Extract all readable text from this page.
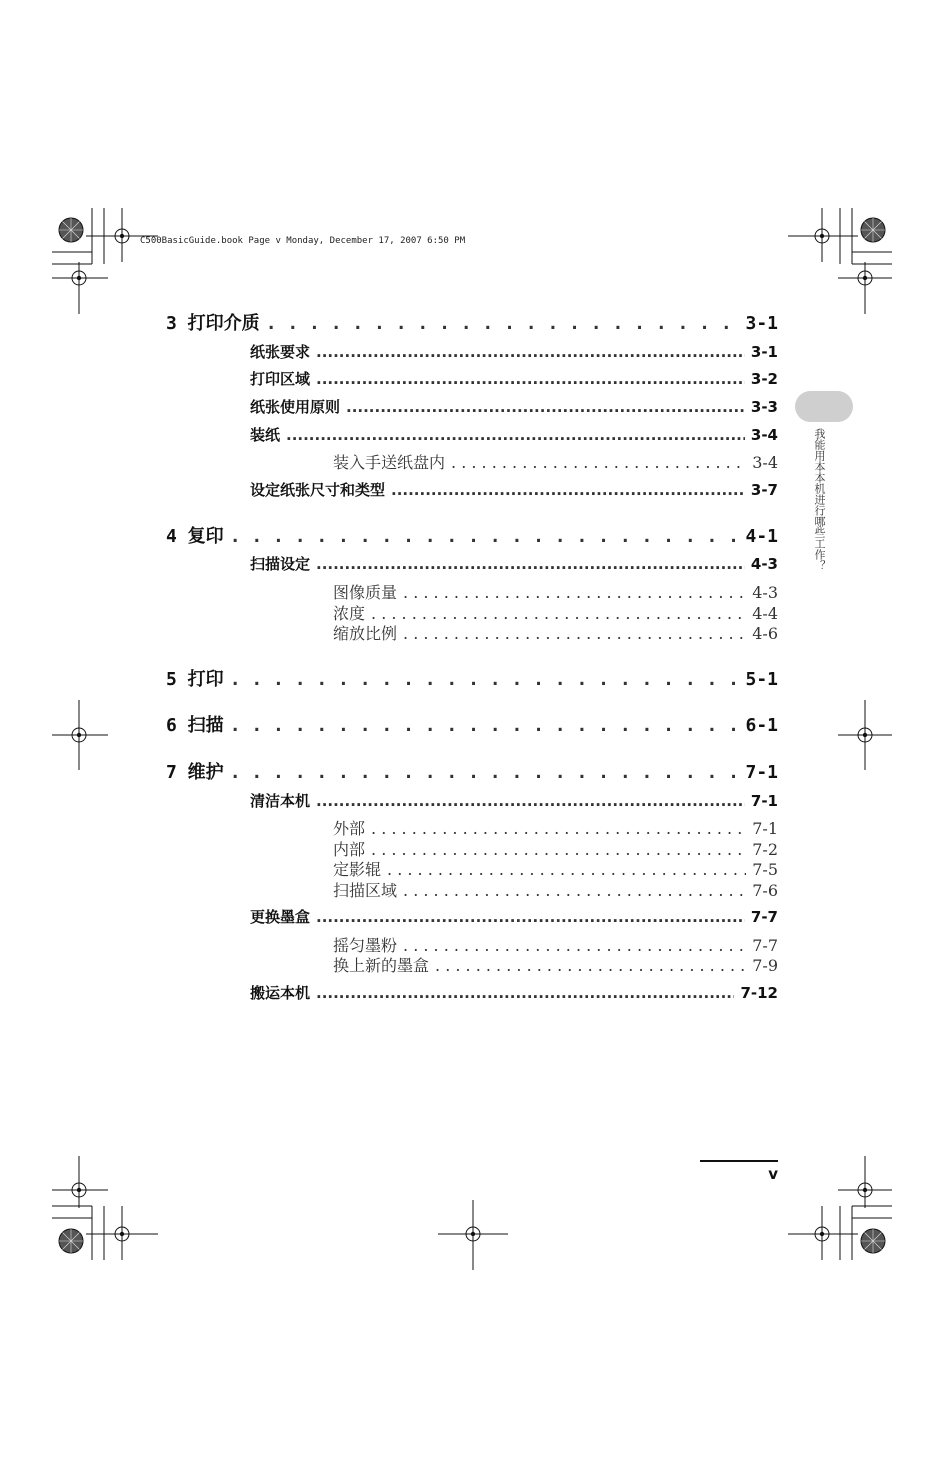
C500BasicGuide.book Page v Monday, December 17, 2007 6:50 PM
3 打印介质 . . .	3-1
纸张要求 .....	3-1
打印区域 .....	3-2
纸张使用原则 .....	3-3
装纸 .....	3-4
装入手送纸盘内 . . .	3-4
设定纸张尺寸和类型 .....	3-7
4 复印 . . .	4-1
扫描设定 .....	4-3
图像质量 . . .	4-3
浓度 . . .	4-4
缩放比例 . . .	4-6
5 打印 . . .	5-1
6 扫描 . . .	6-1
7 维护 . . .	7-1
清洁本机 .....	7-1
外部 . . .	7-1
内部 . . .	7-2
定影辊 . . .	7-5
扫描区域 . . .	7-6
更换墨盒 .....	7-7
摇匀墨粉 . . .	7-7
换上新的墨盒 . . .	7-9
搬运本机 .....	7-12
我能用本本机进行哪些工作？
v
